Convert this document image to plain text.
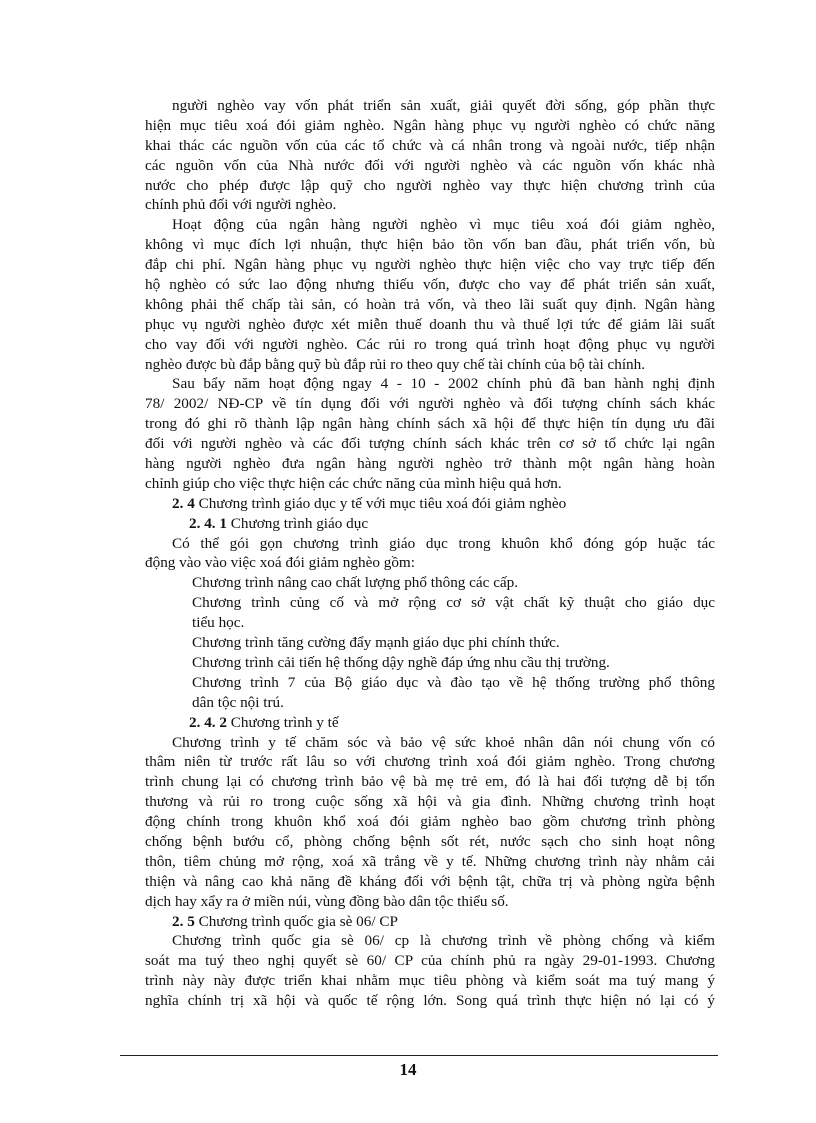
người nghèo vay vốn phát triển sản xuất, giải quyết đời sống, góp phần thực
hiện mục tiêu xoá đói giảm nghèo. Ngân hàng phục vụ người nghèo có chức năng
khai thác các nguồn vốn của các tổ chức và cá nhân trong và ngoài nước, tiếp nhận
các nguồn vốn của Nhà nước đối với người nghèo và các nguồn vốn khác nhà
nước cho phép được lập quỹ cho người nghèo vay thực hiện chương trình của
chính phủ đối với người nghèo.
Hoạt động của ngân hàng người nghèo vì mục tiêu xoá đói giảm nghèo,
không vì mục đích lợi nhuận, thực hiện bảo tồn vốn ban đầu, phát triển vốn, bù
đắp chi phí. Ngân hàng phục vụ người nghèo thực hiện việc cho vay trực tiếp đến
hộ nghèo có sức lao động nhưng thiếu vốn, được cho vay để phát triển sản xuất,
không phải thế chấp tài sản, có hoàn trả vốn, và theo lãi suất quy định. Ngân hàng
phục vụ người nghèo được xét miễn thuế doanh thu và thuế lợi tức để giảm lãi suất
cho vay đối với người nghèo. Các rủi ro trong quá trình hoạt động phục vụ người
nghèo được bù đắp bằng quỹ bù đắp rủi ro theo quy chế tài chính của bộ tài chính.
Sau bẩy năm hoạt động ngay 4 - 10 - 2002 chính phủ đã ban hành nghị định
78/ 2002/ NĐ-CP về tín dụng đối với người nghèo và đối tượng chính sách khác
trong đó ghi rõ thành lập ngân hàng chính sách xã hội để thực hiện tín dụng ưu đãi
đối với người nghèo và các đối tượng chính sách khác trên cơ sở tổ chức lại ngân
hàng người nghèo đưa ngân hàng người nghèo trở thành một ngân hàng hoàn
chỉnh giúp cho việc thực hiện các chức năng của mình hiệu quả hơn.
2. 4 Chương trình giáo dục y tế với mục tiêu xoá đói giảm nghèo
2. 4. 1 Chương trình giáo dục
Có thể gói gọn chương trình giáo dục trong khuôn khổ đóng góp huặc tác
động vào vào việc xoá đói giảm nghèo gồm:
Chương trình nâng cao chất lượng phổ thông các cấp.
Chương trình củng cố và mở rộng cơ sở vật chất kỹ thuật cho giáo dục
tiểu học.
Chương trình tăng cường đẩy mạnh giáo dục phi chính thức.
Chương trình cải tiến hệ thống dậy nghề đáp ứng nhu cầu thị trường.
Chương trình 7 của Bộ giáo dục và đào tạo về hệ thống trường phổ thông
dân tộc nội trú.
2. 4. 2 Chương trình y tế
Chương trình y tế chăm sóc và bảo vệ sức khoẻ nhân dân nói chung vốn có
thâm niên từ trước rất lâu so với chương trình xoá đói giảm nghèo. Trong chương
trình chung lại có chương trình bảo vệ bà mẹ trẻ em, đó là hai đối tượng dễ bị tổn
thương và rủi ro trong cuộc sống xã hội và gia đình. Những chương trình hoạt
động chính trong khuôn khổ xoá đói giảm nghèo bao gồm chương trình phòng
chống bệnh bướu cổ, phòng chống bệnh sốt rét, nước sạch cho sinh hoạt nông
thôn, tiêm chủng mở rộng, xoá xã trắng về y tế. Những chương trình này nhằm cải
thiện và nâng cao khả năng đề kháng đối với bệnh tật, chữa trị và phòng ngừa bệnh
dịch hay xẩy ra ở miền núi, vùng đồng bào dân tộc thiểu số.
2. 5 Chương trình quốc gia sè 06/ CP
Chương trình quốc gia sè 06/ cp là chương trình về phòng chống và kiểm
soát ma tuý theo nghị quyết sè 60/ CP của chính phủ ra ngày 29-01-1993. Chương
trình này này được triển khai nhằm mục tiêu phòng và kiểm soát ma tuý mang ý
nghĩa chính trị xã hội và quốc tế rộng lớn. Song quá trình thực hiện nó lại có ý
14
